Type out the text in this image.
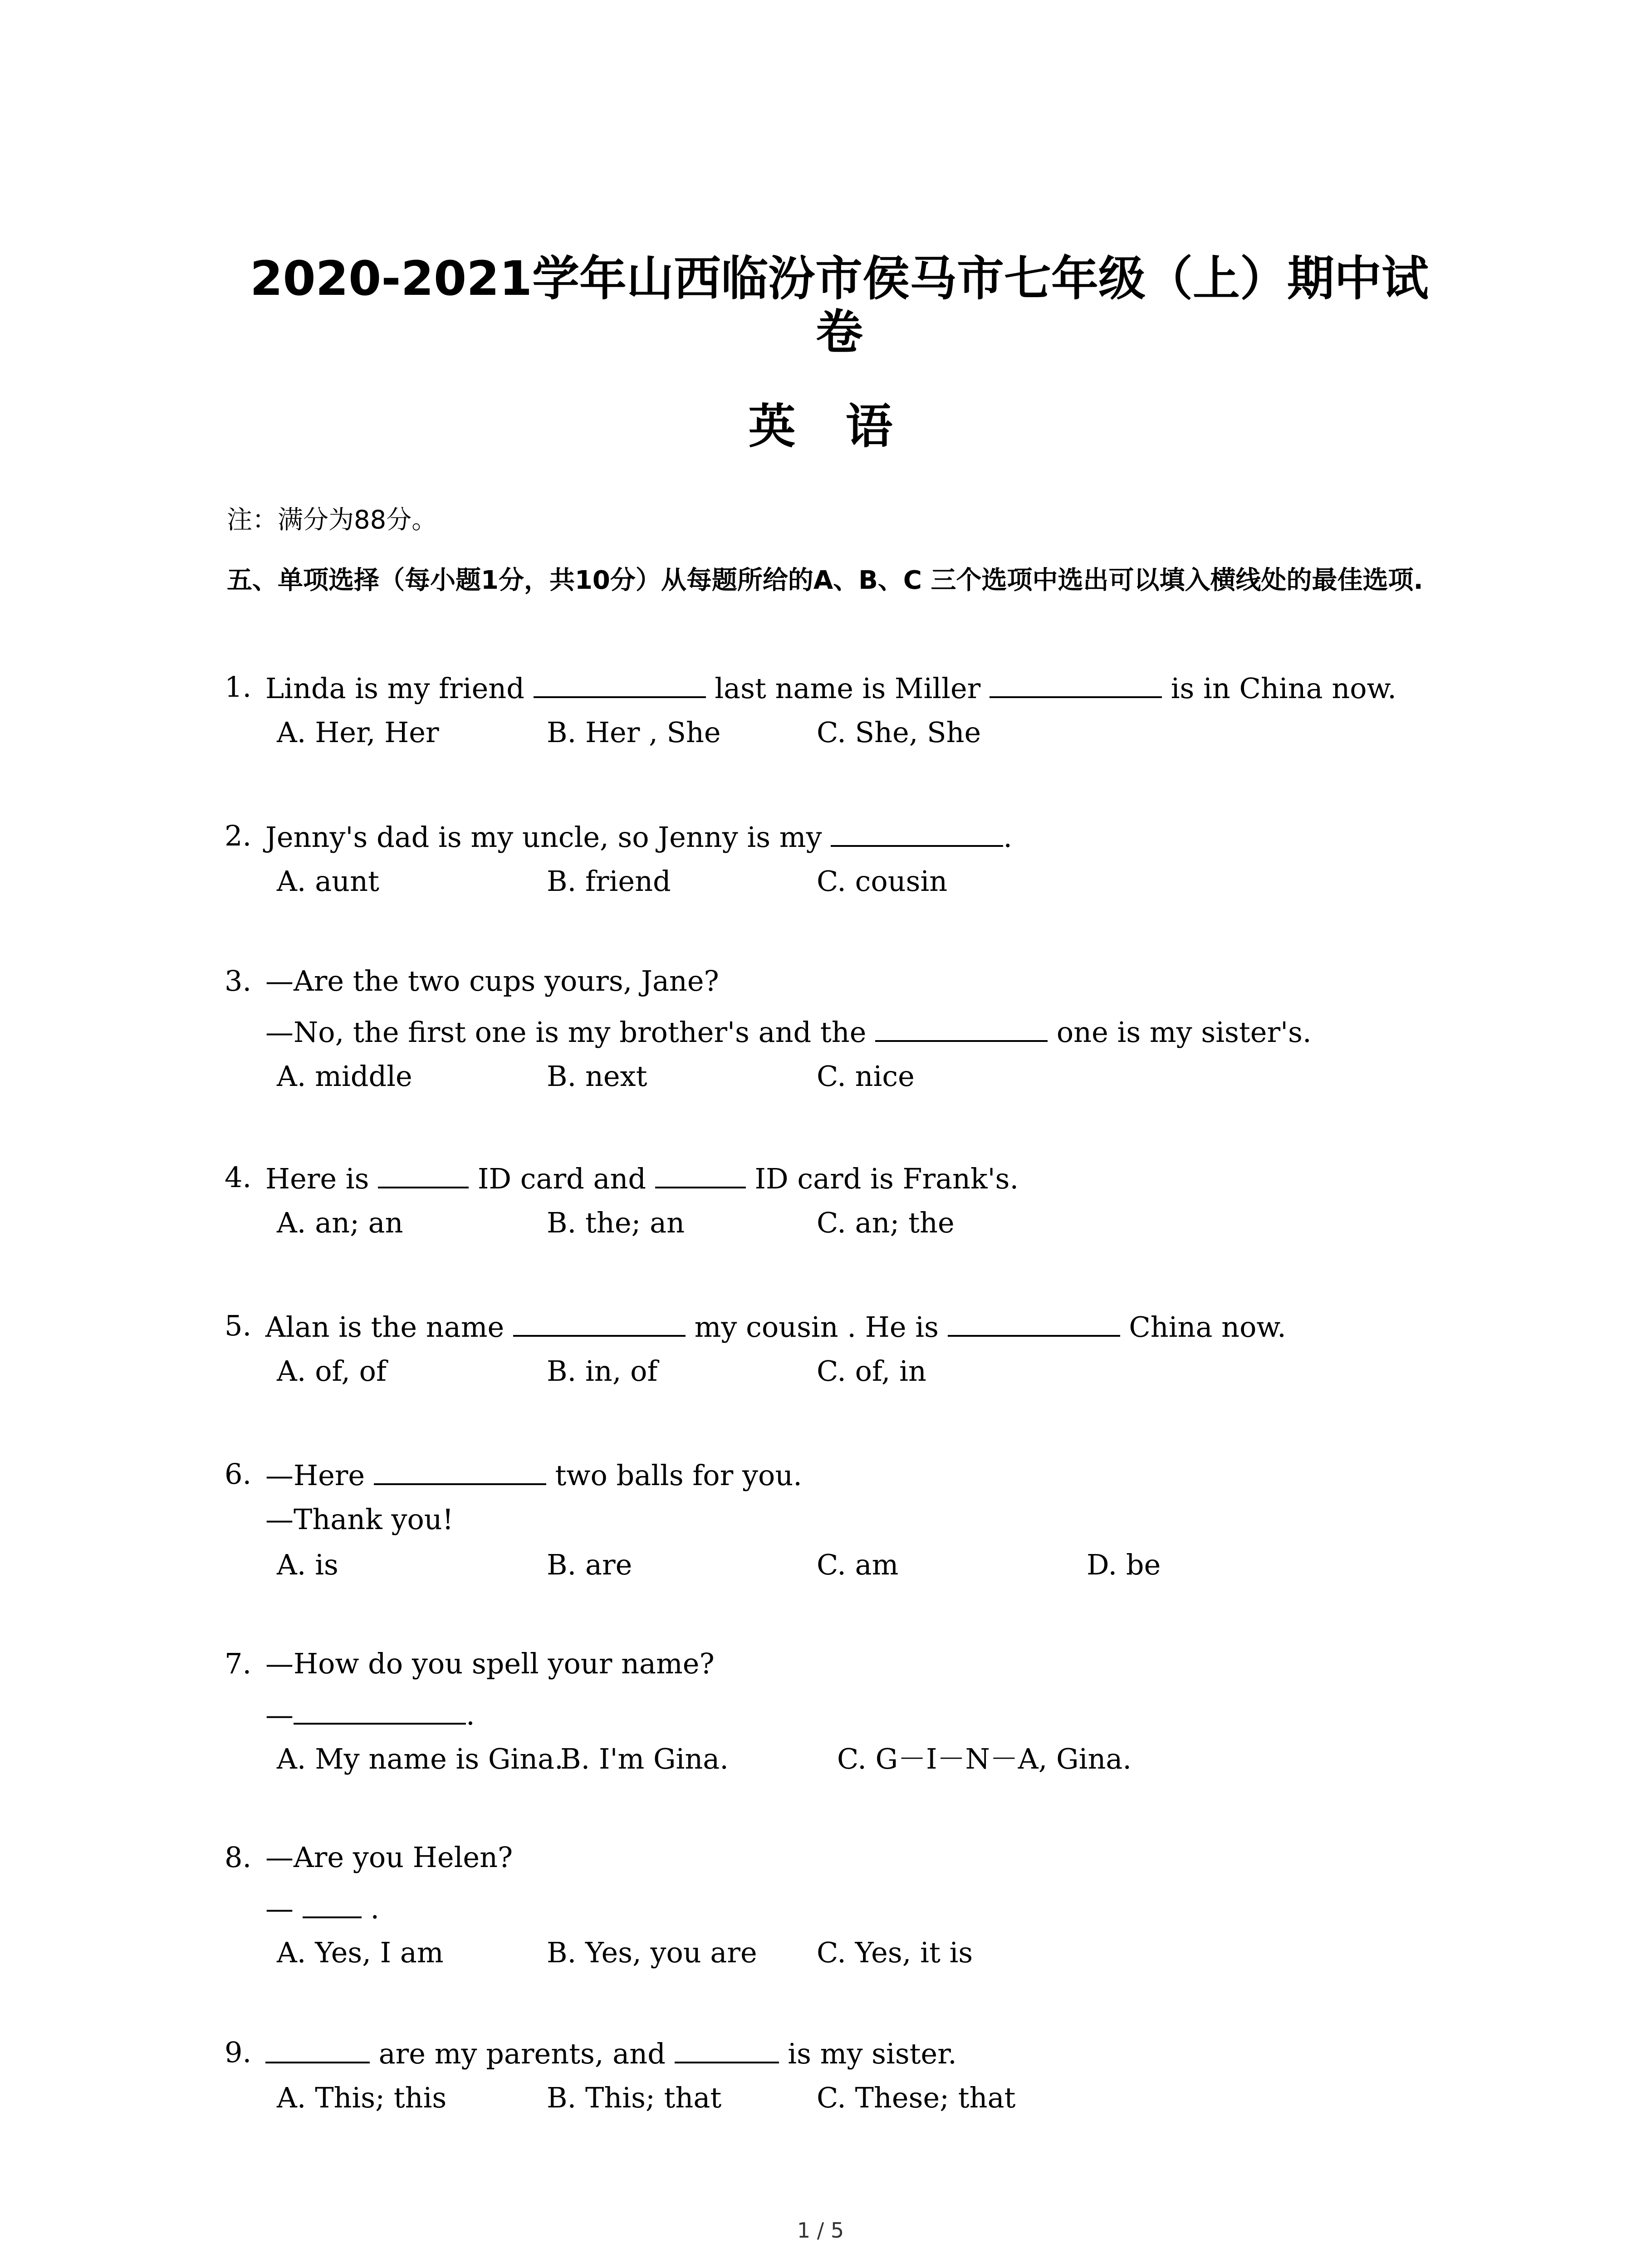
2020-2021学年山西临汾市侯马市七年级（上）期中试卷
英语

注：满分为88分。

五、单项选择（每小题1分，共10分）从每题所给的A、B、C 三个选项中选出可以填入横线处的最佳选项.

1. Linda is my friend	last name is Miller	is in China now.
A. Her, Her	B. Her , She	C. She, She
2. Jenny's dad is my uncle, so Jenny is my	.
A. aunt	B. friend	C. cousin
3. —Are the two cups yours, Jane?
—No, the first one is my brother's and the	one is my sister's.
A. middle	B. next	C. nice
4. Here is	ID card and	ID card is Frank's.
A. an; an	B. the; an	C. an; the
5. Alan is the name	my cousin . He is	China now.
A. of, of	B. in, of	C. of, in
6. —Here	two balls for you.
—Thank you!
A. is	B. are	C. am	D. be
7. —How do you spell your name?
—	.
A. My name is Gina.
B. I'm Gina.	C. G－I－N－A, Gina.
8. —Are you Helen?
—  .
A. Yes, I am	B. Yes, you are C. Yes, it is
9.	are my parents, and	is my sister.
A. This; this	B. This; that	C. These; that
1 / 5
